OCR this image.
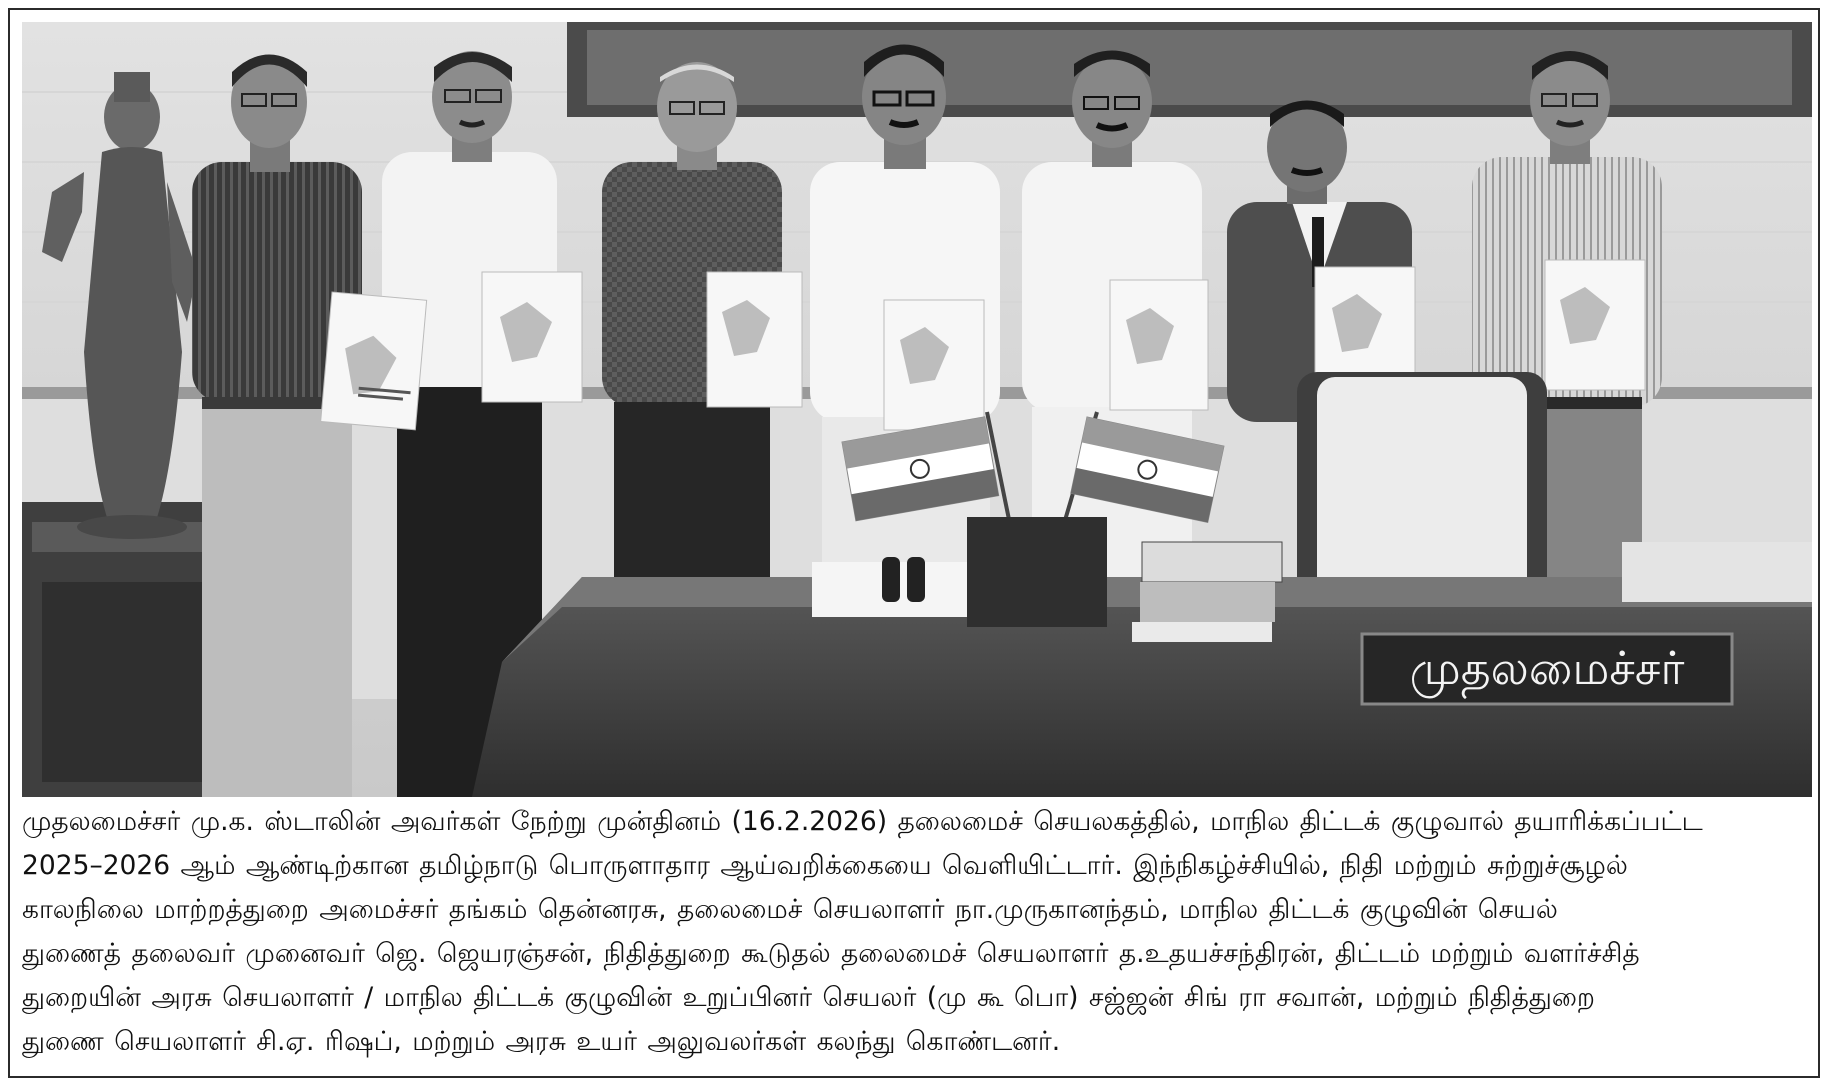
முதலமைச்சர்

முதலமைச்சர் மு.க. ஸ்டாலின் அவர்கள் நேற்று முன்தினம் (16.2.2026) தலைமைச் செயலகத்தில், மாநில திட்டக் குழுவால் தயாரிக்கப்பட்ட
2025–2026 ஆம் ஆண்டிற்கான தமிழ்நாடு பொருளாதார ஆய்வறிக்கையை வெளியிட்டார். இந்நிகழ்ச்சியில், நிதி மற்றும் சுற்றுச்சூழல்
காலநிலை மாற்றத்துறை அமைச்சர் தங்கம் தென்னரசு, தலைமைச் செயலாளர் நா.முருகானந்தம், மாநில திட்டக் குழுவின் செயல்
துணைத் தலைவர் முனைவர் ஜெ. ஜெயரஞ்சன், நிதித்துறை கூடுதல் தலைமைச் செயலாளர் த.உதயச்சந்திரன், திட்டம் மற்றும் வளர்ச்சித்
துறையின் அரசு செயலாளர் / மாநில திட்டக் குழுவின் உறுப்பினர் செயலர் (மு கூ பொ) சஜ்ஜன் சிங் ரா சவான், மற்றும் நிதித்துறை
துணை செயலாளர் சி.ஏ. ரிஷப், மற்றும் அரசு உயர் அலுவலர்கள் கலந்து கொண்டனர்.
